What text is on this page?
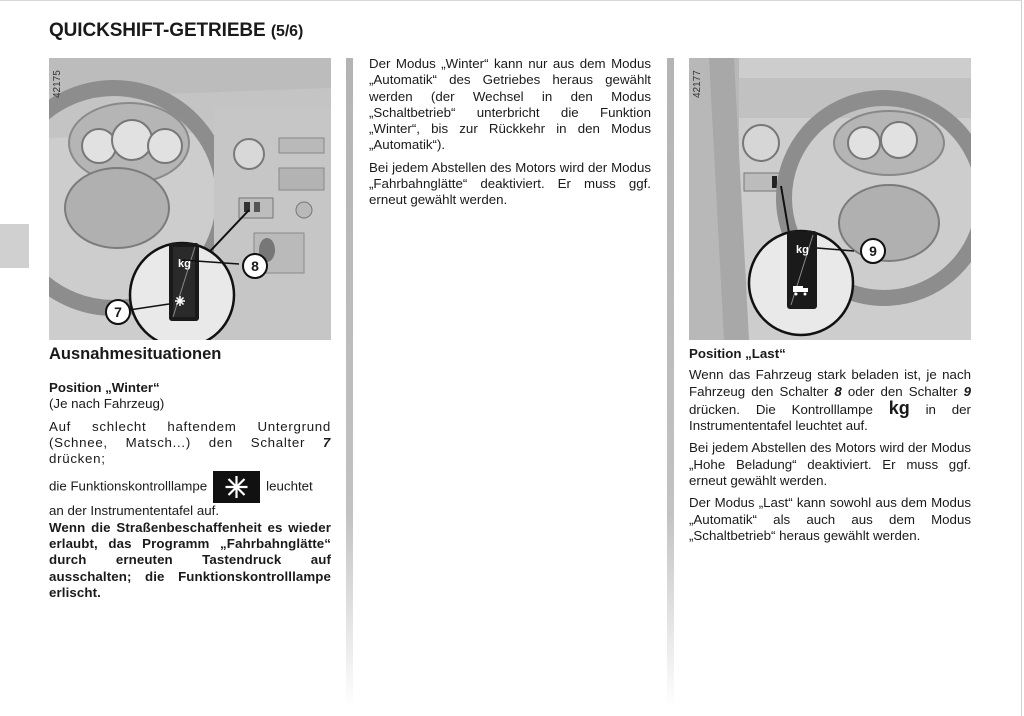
QUICKSHIFT-GETRIEBE (5/6)
kg	8
7
42175
kg	9
42177
Ausnahmesituationen

Position „Winter“

(Je nach Fahrzeug)

Auf schlecht haftendem Untergrund (Schnee, Matsch...) den Schalter 7 drücken;

die Funktionskontrolllampe	leuchtet

an der Instrumententafel auf.

Wenn die Straßenbeschaffenheit es wieder erlaubt, das Programm „Fahrbahnglätte“ durch erneuten Tastendruck auf ausschalten; die Funktionskontrolllampe erlischt.

Der Modus „Winter“ kann nur aus dem Modus „Automatik“ des Getriebes heraus gewählt werden (der Wechsel in den Modus „Schaltbetrieb“ unterbricht die Funktion „Winter“, bis zur Rückkehr in den Modus „Automatik“).

Bei jedem Abstellen des Motors wird der Modus „Fahrbahnglätte“ deaktiviert. Er muss ggf. erneut gewählt werden.

Position „Last“

Wenn das Fahrzeug stark beladen ist, je nach Fahrzeug den Schalter 8 oder den Schalter 9 drücken. Die Kontrolllampe kg in der Instrumententafel leuchtet auf.

Bei jedem Abstellen des Motors wird der Modus „Hohe Beladung“ deaktiviert. Er muss ggf. erneut gewählt werden.

Der Modus „Last“ kann sowohl aus dem Modus „Automatik“ als auch aus dem Modus „Schaltbetrieb“ heraus gewählt werden.
